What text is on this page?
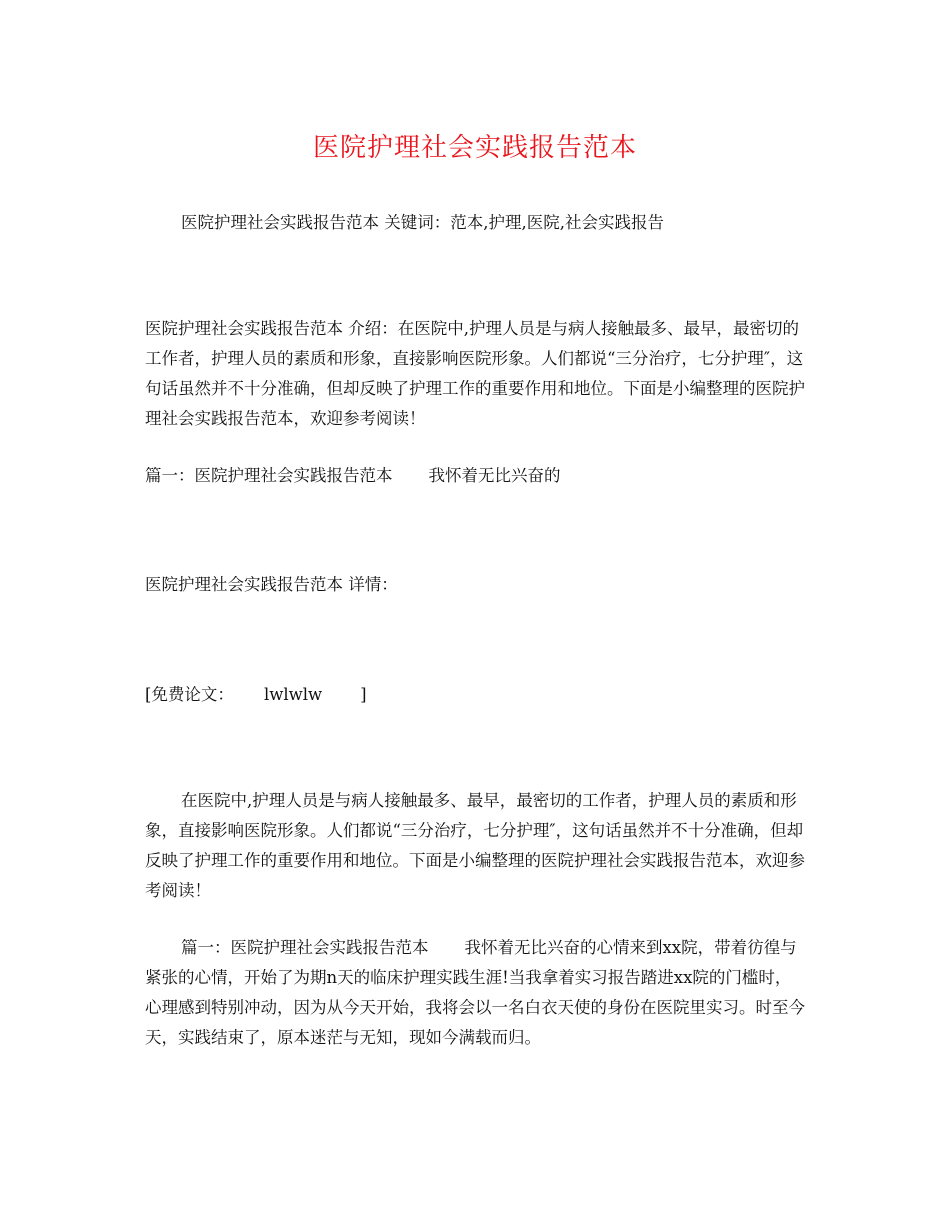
医院护理社会实践报告范本

医院护理社会实践报告范本 关键词：范本,护理,医院,社会实践报告

医院护理社会实践报告范本 介绍：在医院中,护理人员是与病人接触最多、最早，最密切的工作者，护理人员的素质和形象，直接影响医院形象。人们都说“三分治疗，七分护理″，这句话虽然并不十分准确，但却反映了护理工作的重要作用和地位。下面是小编整理的医院护理社会实践报告范本，欢迎参考阅读！

篇一：医院护理社会实践报告范本 我怀着无比兴奋的

医院护理社会实践报告范本 详情：

[免费论文： lwlwlw ]

在医院中,护理人员是与病人接触最多、最早，最密切的工作者，护理人员的素质和形象，直接影响医院形象。人们都说“三分治疗，七分护理″，这句话虽然并不十分准确，但却反映了护理工作的重要作用和地位。下面是小编整理的医院护理社会实践报告范本，欢迎参考阅读！

篇一：医院护理社会实践报告范本 我怀着无比兴奋的心情来到xx院，带着彷徨与紧张的心情，开始了为期n天的临床护理实践生涯!当我拿着实习报告踏进xx院的门槛时，心理感到特别冲动，因为从今天开始，我将会以一名白衣天使的身份在医院里实习。时至今天，实践结束了，原本迷茫与无知，现如今满载而归。
